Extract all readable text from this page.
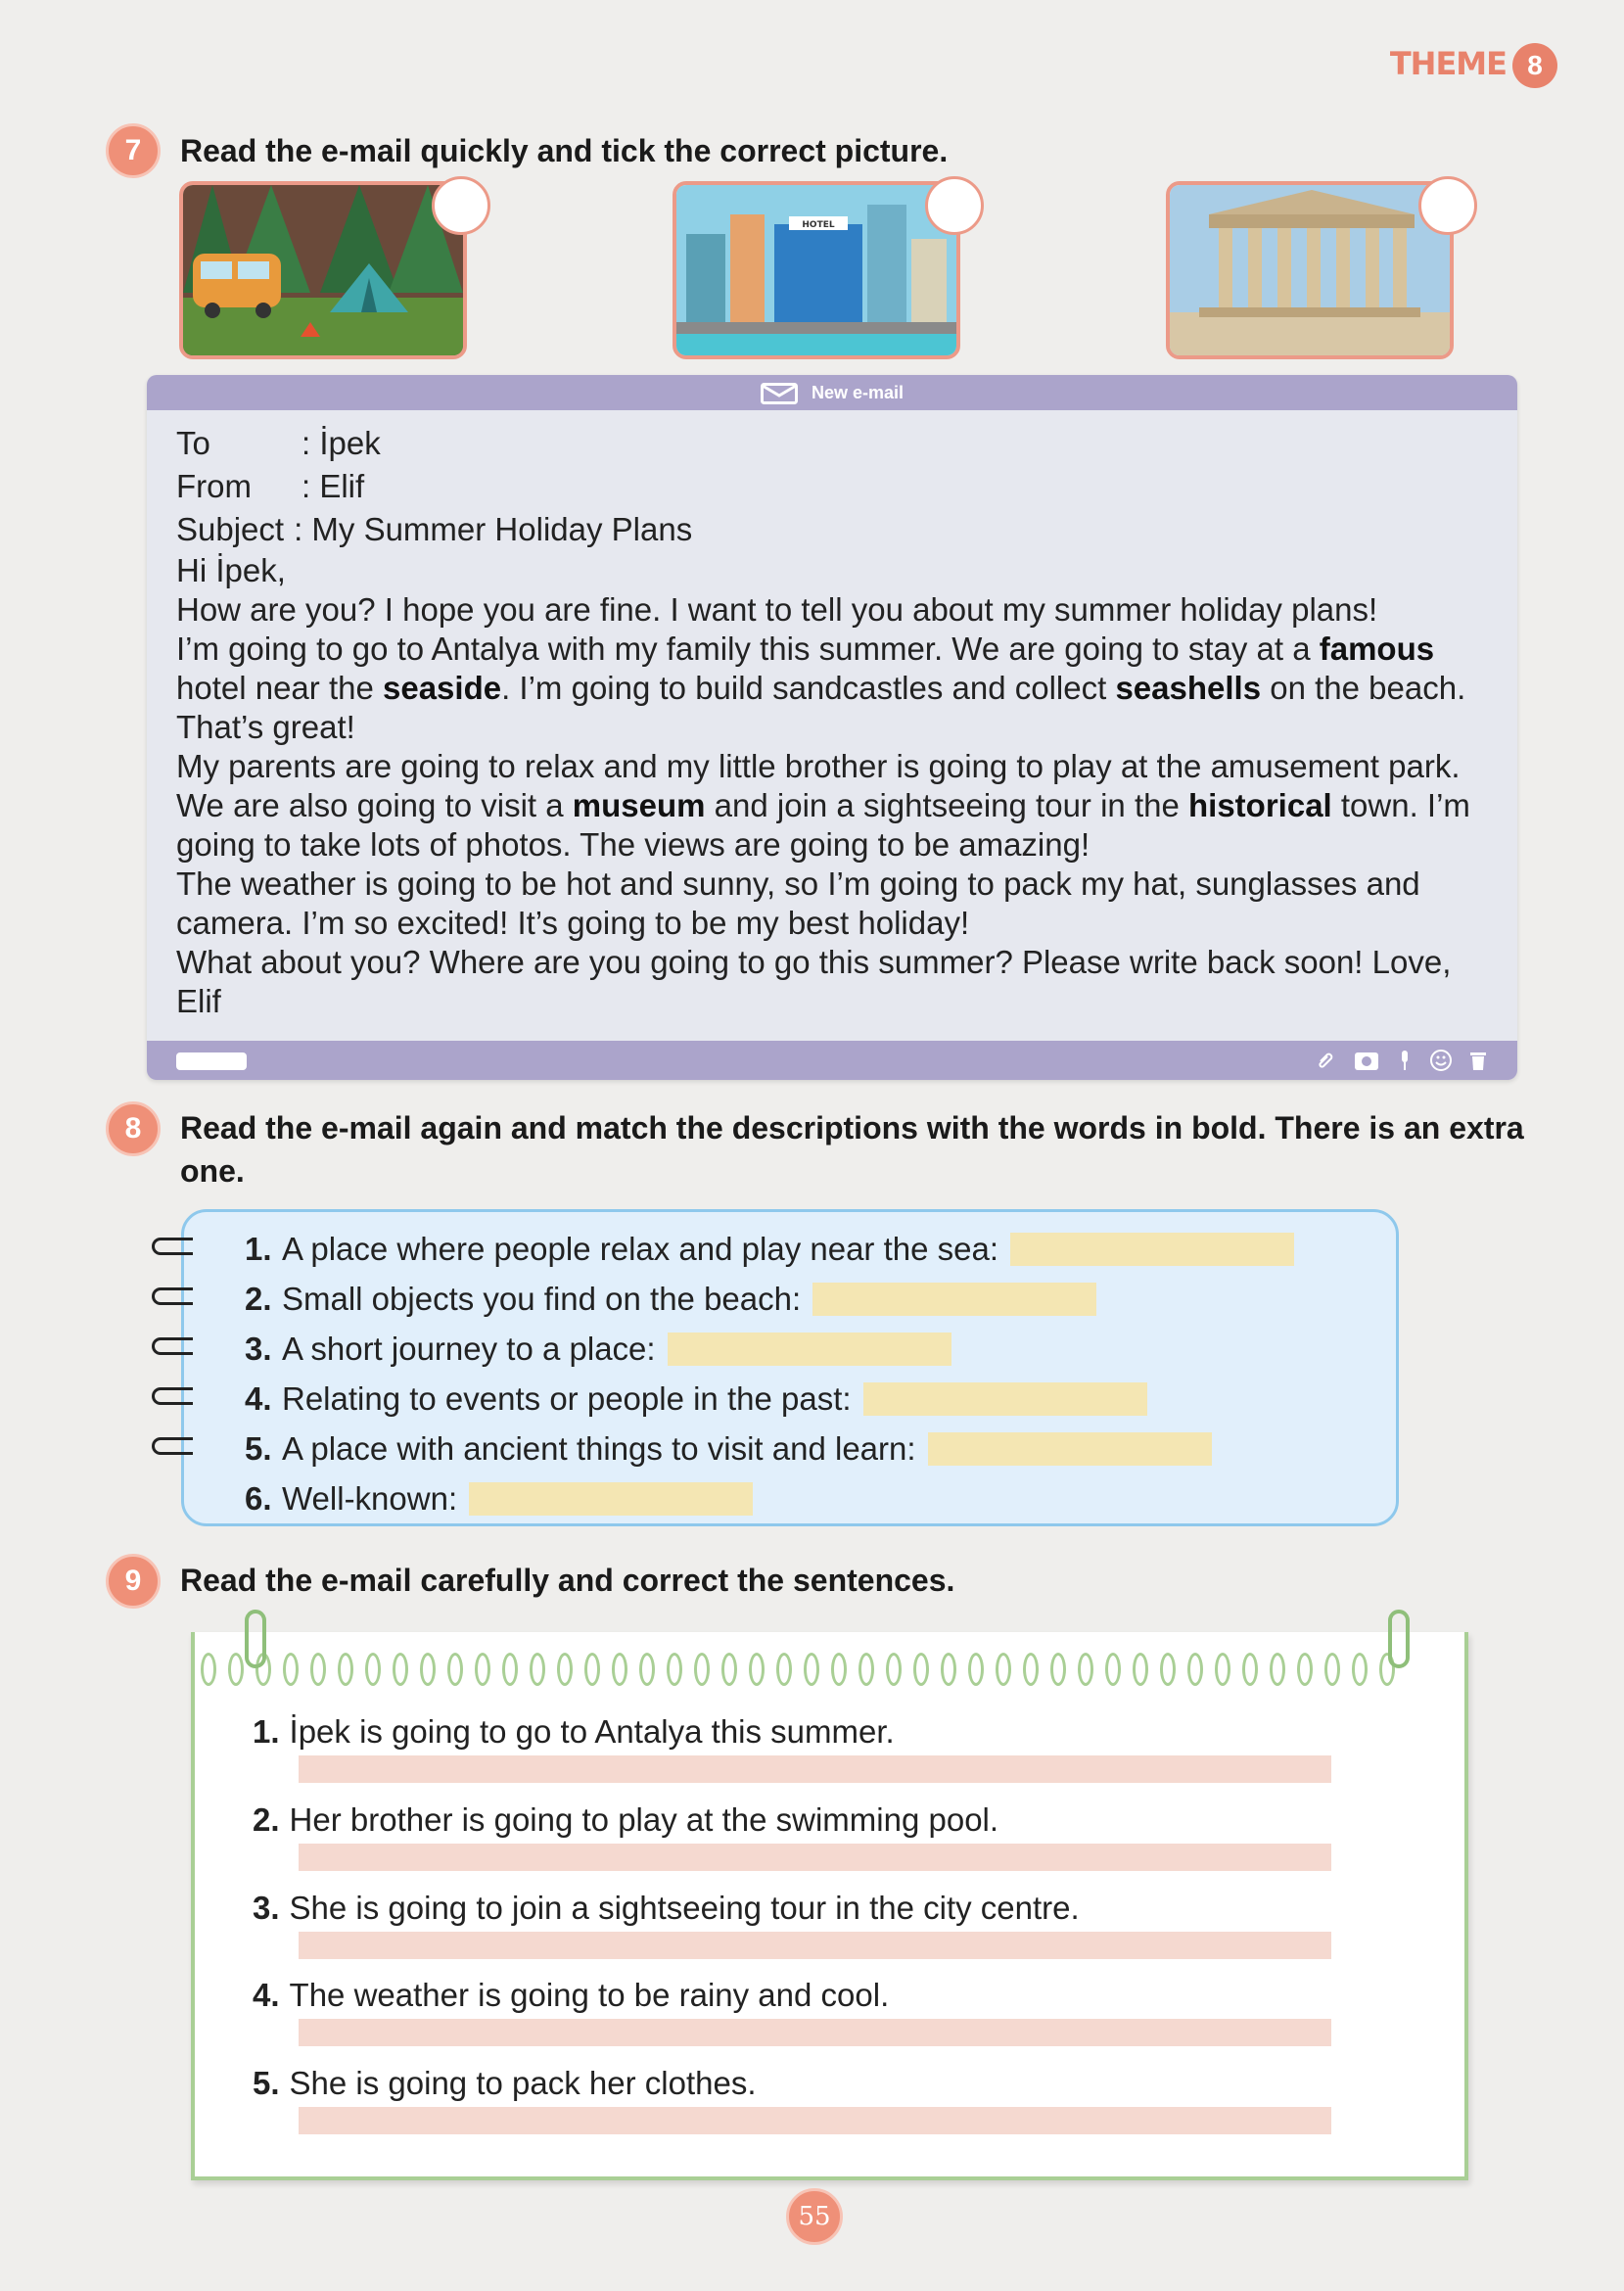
THEME 8
7	Read the e-mail quickly and tick the correct picture.
HOTEL
New e-mail
To	: İpek
From	: Elif
Subject : My Summer Holiday Plans

Hi İpek,

How are you? I hope you are fine. I want to tell you about my summer holiday plans!

I’m going to go to Antalya with my family this summer. We are going to stay at a famous hotel near the seaside. I’m going to build sandcastles and collect seashells on the beach. That’s great!

My parents are going to relax and my little brother is going to play at the amusement park. We are also going to visit a museum and join a sightseeing tour in the historical town. I’m going to take lots of photos. The views are going to be amazing!

The weather is going to be hot and sunny, so I’m going to pack my hat, sunglasses and camera. I’m so excited! It’s going to be my best holiday!

What about you? Where are you going to go this summer? Please write back soon! Love,

Elif

8	Read the e-mail again and match the descriptions with the words in bold. There is an extra one.
1. A place where people relax and play near the sea:
2. Small objects you find on the beach:
3. A short journey to a place:
4. Relating to events or people in the past:
5. A place with ancient things to visit and learn:
6. Well-known:
9	Read the e-mail carefully and correct the sentences.
1. İpek is going to go to Antalya this summer.
2. Her brother is going to play at the swimming pool.
3. She is going to join a sightseeing tour in the city centre.
4. The weather is going to be rainy and cool.
5. She is going to pack her clothes.
55
